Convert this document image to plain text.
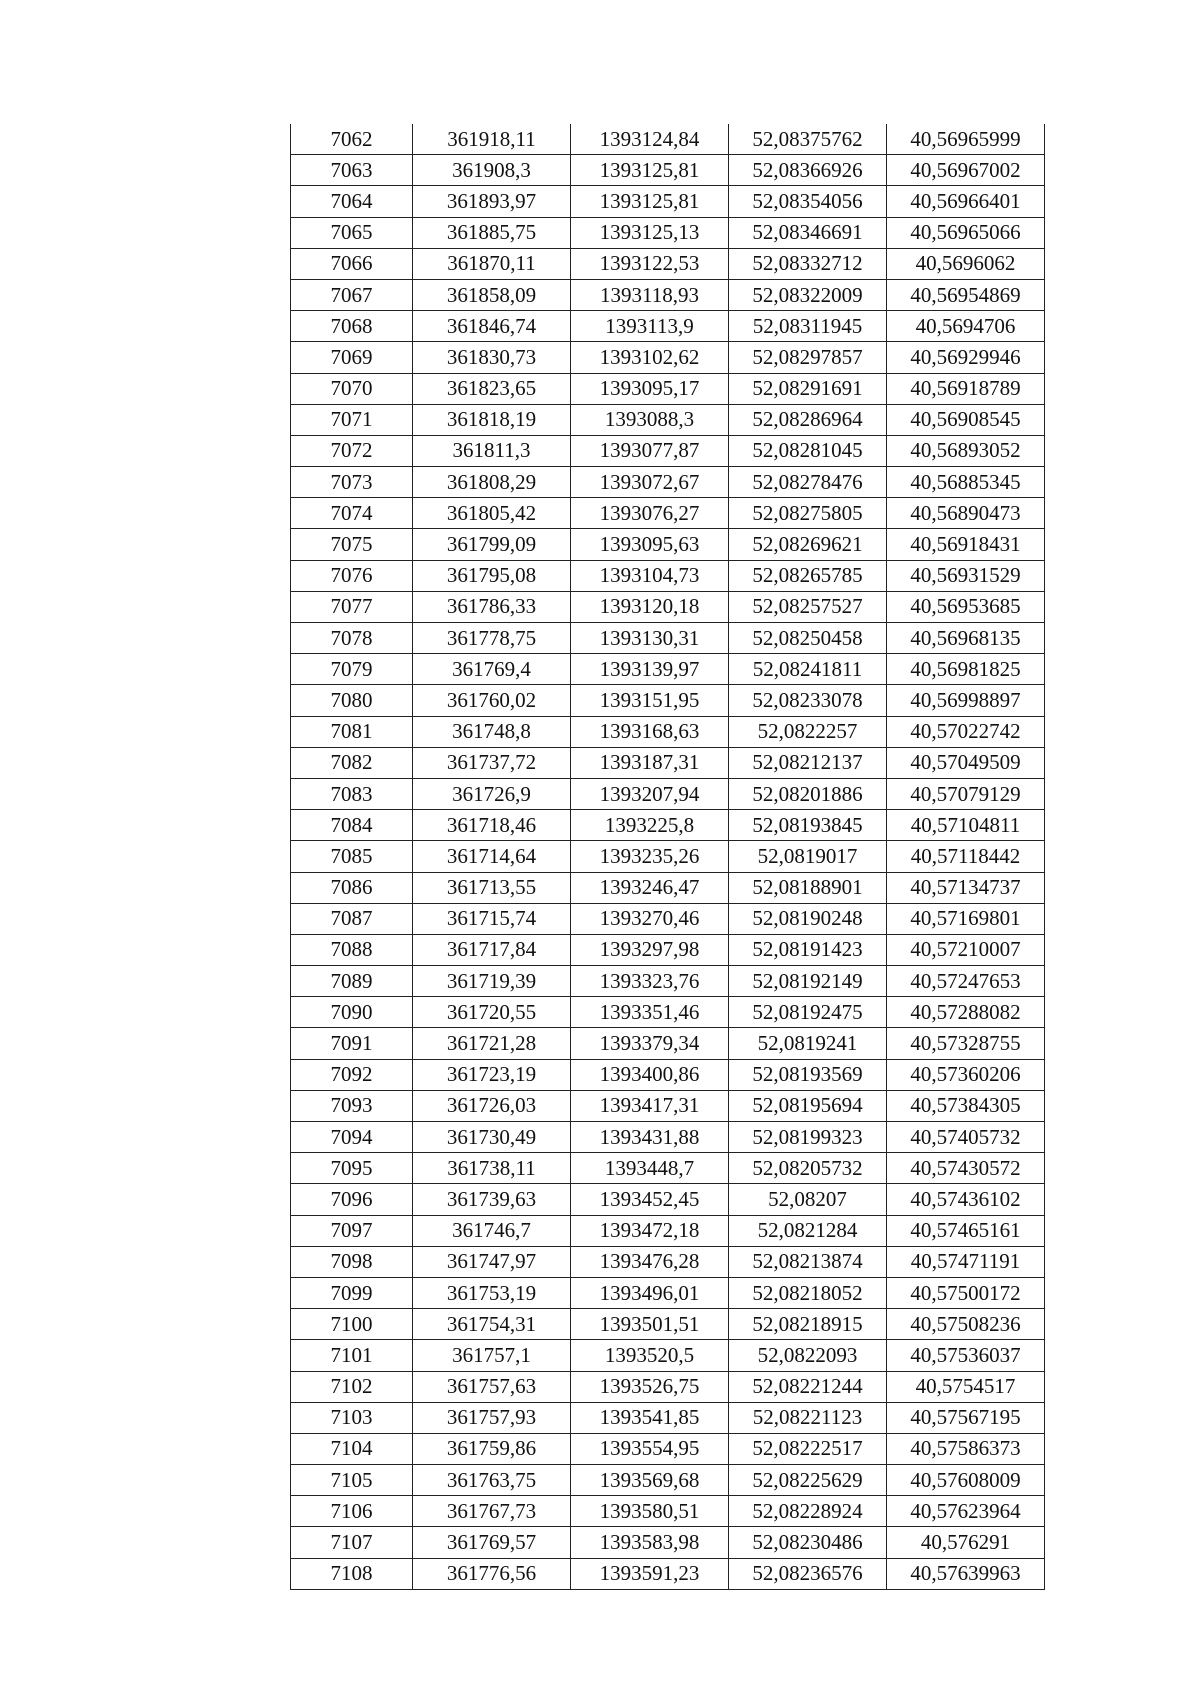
7062	361918,11	1393124,84	52,08375762	40,56965999
7063	361908,3	1393125,81	52,08366926	40,56967002
7064	361893,97	1393125,81	52,08354056	40,56966401
7065	361885,75	1393125,13	52,08346691	40,56965066
7066	361870,11	1393122,53	52,08332712	40,5696062
7067	361858,09	1393118,93	52,08322009	40,56954869
7068	361846,74	1393113,9	52,08311945	40,5694706
7069	361830,73	1393102,62	52,08297857	40,56929946
7070	361823,65	1393095,17	52,08291691	40,56918789
7071	361818,19	1393088,3	52,08286964	40,56908545
7072	361811,3	1393077,87	52,08281045	40,56893052
7073	361808,29	1393072,67	52,08278476	40,56885345
7074	361805,42	1393076,27	52,08275805	40,56890473
7075	361799,09	1393095,63	52,08269621	40,56918431
7076	361795,08	1393104,73	52,08265785	40,56931529
7077	361786,33	1393120,18	52,08257527	40,56953685
7078	361778,75	1393130,31	52,08250458	40,56968135
7079	361769,4	1393139,97	52,08241811	40,56981825
7080	361760,02	1393151,95	52,08233078	40,56998897
7081	361748,8	1393168,63	52,0822257	40,57022742
7082	361737,72	1393187,31	52,08212137	40,57049509
7083	361726,9	1393207,94	52,08201886	40,57079129
7084	361718,46	1393225,8	52,08193845	40,57104811
7085	361714,64	1393235,26	52,0819017	40,57118442
7086	361713,55	1393246,47	52,08188901	40,57134737
7087	361715,74	1393270,46	52,08190248	40,57169801
7088	361717,84	1393297,98	52,08191423	40,57210007
7089	361719,39	1393323,76	52,08192149	40,57247653
7090	361720,55	1393351,46	52,08192475	40,57288082
7091	361721,28	1393379,34	52,0819241	40,57328755
7092	361723,19	1393400,86	52,08193569	40,57360206
7093	361726,03	1393417,31	52,08195694	40,57384305
7094	361730,49	1393431,88	52,08199323	40,57405732
7095	361738,11	1393448,7	52,08205732	40,57430572
7096	361739,63	1393452,45	52,08207	40,57436102
7097	361746,7	1393472,18	52,0821284	40,57465161
7098	361747,97	1393476,28	52,08213874	40,57471191
7099	361753,19	1393496,01	52,08218052	40,57500172
7100	361754,31	1393501,51	52,08218915	40,57508236
7101	361757,1	1393520,5	52,0822093	40,57536037
7102	361757,63	1393526,75	52,08221244	40,5754517
7103	361757,93	1393541,85	52,08221123	40,57567195
7104	361759,86	1393554,95	52,08222517	40,57586373
7105	361763,75	1393569,68	52,08225629	40,57608009
7106	361767,73	1393580,51	52,08228924	40,57623964
7107	361769,57	1393583,98	52,08230486	40,576291
7108	361776,56	1393591,23	52,08236576	40,57639963
